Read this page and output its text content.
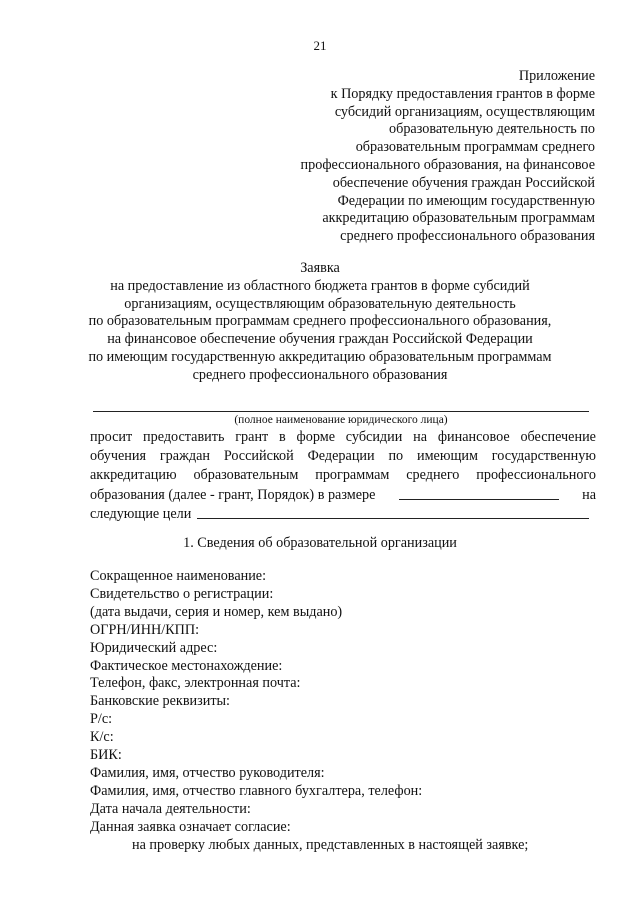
21
Приложение
к Порядку предоставления грантов в форме
субсидий организациям, осуществляющим
образовательную деятельность по
образовательным программам среднего
профессионального образования, на финансовое
обеспечение обучения граждан Российской
Федерации по имеющим государственную
аккредитацию образовательным программам
среднего профессионального образования
Заявка
на предоставление из областного бюджета грантов в форме субсидий
организациям, осуществляющим образовательную деятельность
по образовательным программам среднего профессионального образования,
на финансовое обеспечение обучения граждан Российской Федерации
по имеющим государственную аккредитацию образовательным программам
среднего профессионального образования
(полное наименование юридического лица)
просит предоставить грант в форме субсидии на финансовое обеспечение
обучения граждан Российской Федерации по имеющим государственную
аккредитацию образовательным программам среднего профессионального
образования (далее - грант, Порядок) в размере	на
следующие цели
1. Сведения об образовательной организации
Сокращенное наименование:
Свидетельство о регистрации:
(дата выдачи, серия и номер, кем выдано)
ОГРН/ИНН/КПП:
Юридический адрес:
Фактическое местонахождение:
Телефон, факс, электронная почта:
Банковские реквизиты:
Р/с:
К/с:
БИК:
Фамилия, имя, отчество руководителя:
Фамилия, имя, отчество главного бухгалтера, телефон:
Дата начала деятельности:
Данная заявка означает согласие:
на проверку любых данных, представленных в настоящей заявке;
